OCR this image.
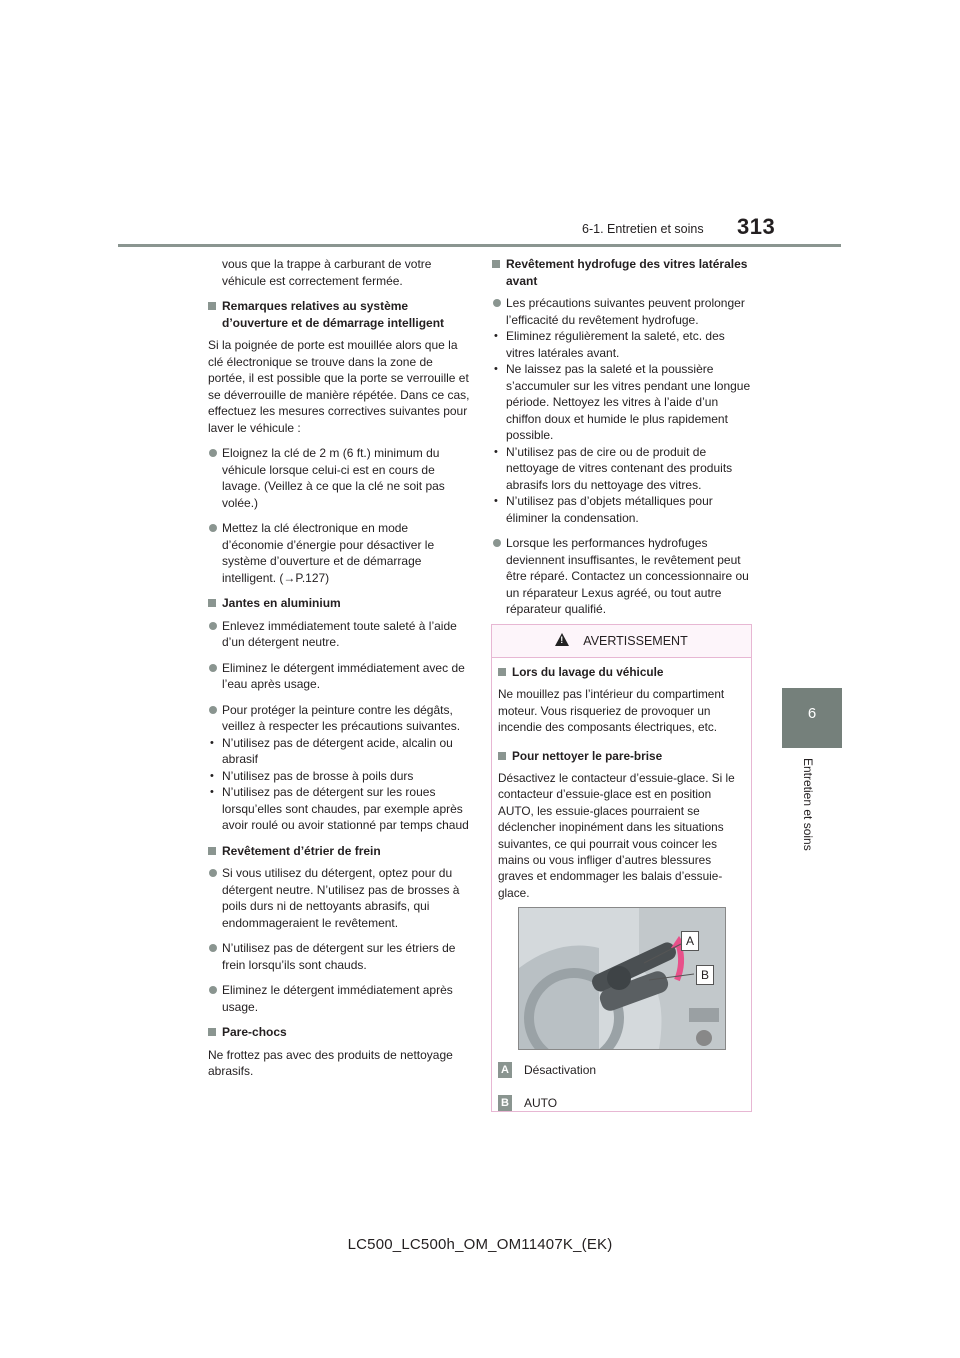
313
6-1. Entretien et soins
6
Entretien et soins

vous que la trappe à carburant de votre véhicule est correctement fermée.

Remarques relatives au système d’ouverture et de démarrage intelligent

Si la poignée de porte est mouillée alors que la clé électronique se trouve dans la zone de portée, il est possible que la porte se verrouille et se déverrouille de manière répétée. Dans ce cas, effectuez les mesures correctives suivantes pour laver le véhicule :

Eloignez la clé de 2 m (6 ft.) minimum du véhicule lorsque celui-ci est en cours de lavage. (Veillez à ce que la clé ne soit pas volée.)

Mettez la clé électronique en mode d’économie d’énergie pour désactiver le système d’ouverture et de démarrage intelligent. (→P.127)

Jantes en aluminium

Enlevez immédiatement toute saleté à l’aide d’un détergent neutre.

Eliminez le détergent immédiatement avec de l’eau après usage.

Pour protéger la peinture contre les dégâts, veillez à respecter les précautions suivantes.
• N’utilisez pas de détergent acide, alcalin ou abrasif
• N’utilisez pas de brosse à poils durs
• N’utilisez pas de détergent sur les roues lorsqu’elles sont chaudes, par exemple après avoir roulé ou avoir stationné par temps chaud
Revêtement d’étrier de frein

Si vous utilisez du détergent, optez pour du détergent neutre. N’utilisez pas de brosses à poils durs ni de nettoyants abrasifs, qui endommageraient le revêtement.

N’utilisez pas de détergent sur les étriers de frein lorsqu’ils sont chauds.

Eliminez le détergent immédiatement après usage.

Pare-chocs

Ne frottez pas avec des produits de nettoyage abrasifs.

Revêtement hydrofuge des vitres latérales avant
Les précautions suivantes peuvent prolonger l’efficacité du revêtement hydrofuge.
• Eliminez régulièrement la saleté, etc. des vitres latérales avant.
• Ne laissez pas la saleté et la poussière s’accumuler sur les vitres pendant une longue période. Nettoyez les vitres à l’aide d’un chiffon doux et humide le plus rapidement possible.
• N’utilisez pas de cire ou de produit de nettoyage de vitres contenant des produits abrasifs lors du nettoyage des vitres.
• N’utilisez pas d’objets métalliques pour éliminer la condensation.

Lorsque les performances hydrofuges deviennent insuffisantes, le revêtement peut être réparé. Contactez un concessionnaire ou un réparateur Lexus agréé, ou tout autre réparateur qualifié.

! AVERTISSEMENT
Lors du lavage du véhicule

Ne mouillez pas l’intérieur du compartiment moteur. Vous risqueriez de provoquer un incendie des composants électriques, etc.

Pour nettoyer le pare-brise

Désactivez le contacteur d’essuie-glace. Si le contacteur d’essuie-glace est en position AUTO, les essuie-glaces pourraient se déclencher inopinément dans les situations suivantes, ce qui pourrait vous coincer les mains ou vous infliger d’autres blessures graves et endommager les balais d’essuie-glace.

A
B
A Désactivation
B AUTO
LC500_LC500h_OM_OM11407K_(EK)
